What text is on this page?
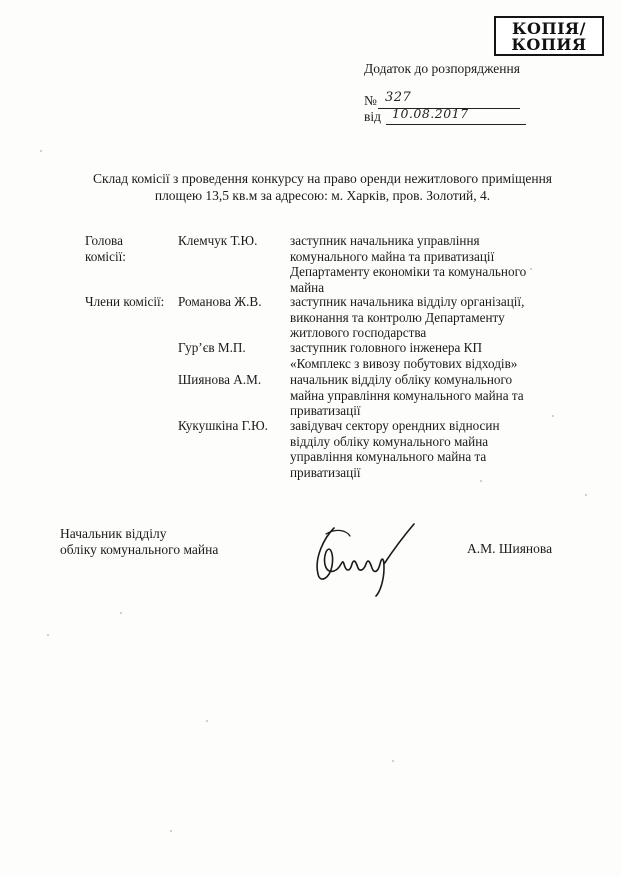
КОПІЯ/
КОПИЯ
Додаток до розпорядження
№ 327
від 10.08.2017
Склад комісії з проведення конкурсу на право оренди нежитлового приміщення
площею 13,5 кв.м за адресою: м. Харків, пров. Золотий, 4.
Голова
комісії:
Клемчук Т.Ю. заступник начальника управління
комунального майна та приватизації
Департаменту економіки та комунального
майна
Члени комісії: Романова Ж.В. заступник начальника відділу організації,
виконання та контролю Департаменту
житлового господарства
Гур’єв М.П.	заступник головного інженера КП
«Комплекс з вивозу побутових відходів»
Шиянова А.М. начальник відділу обліку комунального
майна управління комунального майна та
приватизації
Кукушкіна Г.Ю. завідувач сектору орендних відносин
відділу обліку комунального майна
управління комунального майна та
приватизації
Начальник відділу
обліку комунального майна	А.М. Шиянова
